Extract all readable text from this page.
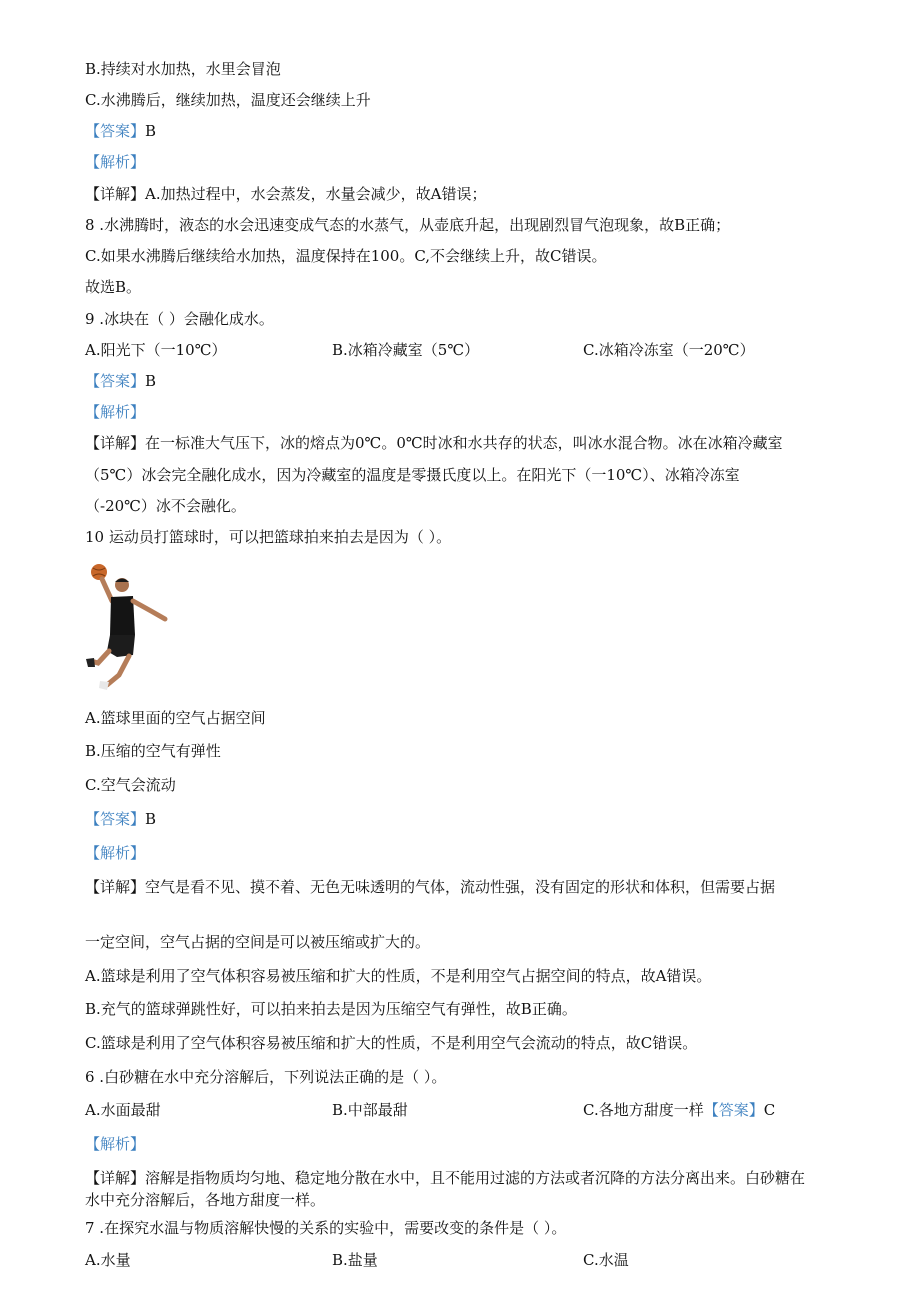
B.持续对水加热，水里会冒泡
C.水沸腾后，继续加热，温度还会继续上升
【答案】B
【解析】
【详解】A.加热过程中，水会蒸发，水量会减少，故A错误；
8 .水沸腾时，液态的水会迅速变成气态的水蒸气，从壶底升起，出现剧烈冒气泡现象，故B正确；
C.如果水沸腾后继续给水加热，温度保持在100。C,不会继续上升，故C错误。
故选B。
9 .冰块在（ ）会融化成水。
A.阳光下（一10℃）	B.冰箱冷藏室（5℃）	C.冰箱冷冻室（一20℃）
【答案】B
【解析】
【详解】在一标准大气压下，冰的熔点为0℃。0℃时冰和水共存的状态，叫冰水混合物。冰在冰箱冷藏室
（5℃）冰会完全融化成水，因为冷藏室的温度是零摄氏度以上。在阳光下（一10℃）、冰箱冷冻室
（-20℃）冰不会融化。
10 运动员打篮球时，可以把篮球拍来拍去是因为（ ）。
A.篮球里面的空气占据空间
B.压缩的空气有弹性
C.空气会流动
【答案】B
【解析】
【详解】空气是看不见、摸不着、无色无味透明的气体，流动性强，没有固定的形状和体积，但需要占据
一定空间，空气占据的空间是可以被压缩或扩大的。
A.篮球是利用了空气体积容易被压缩和扩大的性质，不是利用空气占据空间的特点，故A错误。
B.充气的篮球弹跳性好，可以拍来拍去是因为压缩空气有弹性，故B正确。
C.篮球是利用了空气体积容易被压缩和扩大的性质，不是利用空气会流动的特点，故C错误。
6 .白砂糖在水中充分溶解后，下列说法正确的是（ ）。
A.水面最甜	B.中部最甜	C.各地方甜度一样【答案】C
【解析】
【详解】溶解是指物质均匀地、稳定地分散在水中，且不能用过滤的方法或者沉降的方法分离出来。白砂糖在
水中充分溶解后，各地方甜度一样。
7 .在探究水温与物质溶解快慢的关系的实验中，需要改变的条件是（ ）。
A.水量	B.盐量	C.水温
